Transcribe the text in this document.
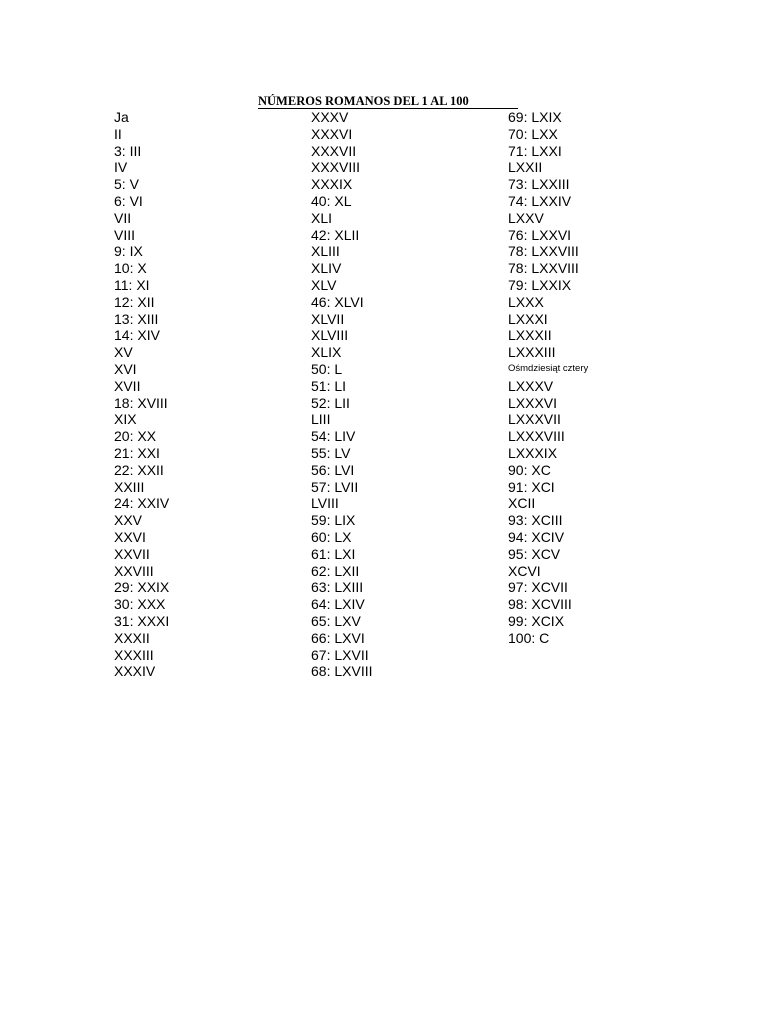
NÚMEROS ROMANOS DEL 1 AL 100
Ja
II
3: III
IV
5: V
6: VI
VII
VIII
9: IX
10: X
11: XI
12: XII
13: XIII
14: XIV
XV
XVI
XVII
18: XVIII
XIX
20: XX
21: XXI
22: XXII
XXIII
24: XXIV
XXV
XXVI
XXVII
XXVIII
29: XXIX
30: XXX
31: XXXI
XXXII
XXXIII
XXXIV
XXXV
XXXVI
XXXVII
XXXVIII
XXXIX
40: XL
XLI
42: XLII
XLIII
XLIV
XLV
46: XLVI
XLVII
XLVIII
XLIX
50: L
51: LI
52: LII
LIII
54: LIV
55: LV
56: LVI
57: LVII
LVIII
59: LIX
60: LX
61: LXI
62: LXII
63: LXIII
64: LXIV
65: LXV
66: LXVI
67: LXVII
68: LXVIII
69: LXIX
70: LXX
71: LXXI
LXXII
73: LXXIII
74: LXXIV
LXXV
76: LXXVI
78: LXXVIII
78: LXXVIII
79: LXXIX
LXXX
LXXXI
LXXXII
LXXXIII
Ośmdziesiąt cztery
LXXXV
LXXXVI
LXXXVII
LXXXVIII
LXXXIX
90: XC
91: XCI
XCII
93: XCIII
94: XCIV
95: XCV
XCVI
97: XCVII
98: XCVIII
99: XCIX
100: C
